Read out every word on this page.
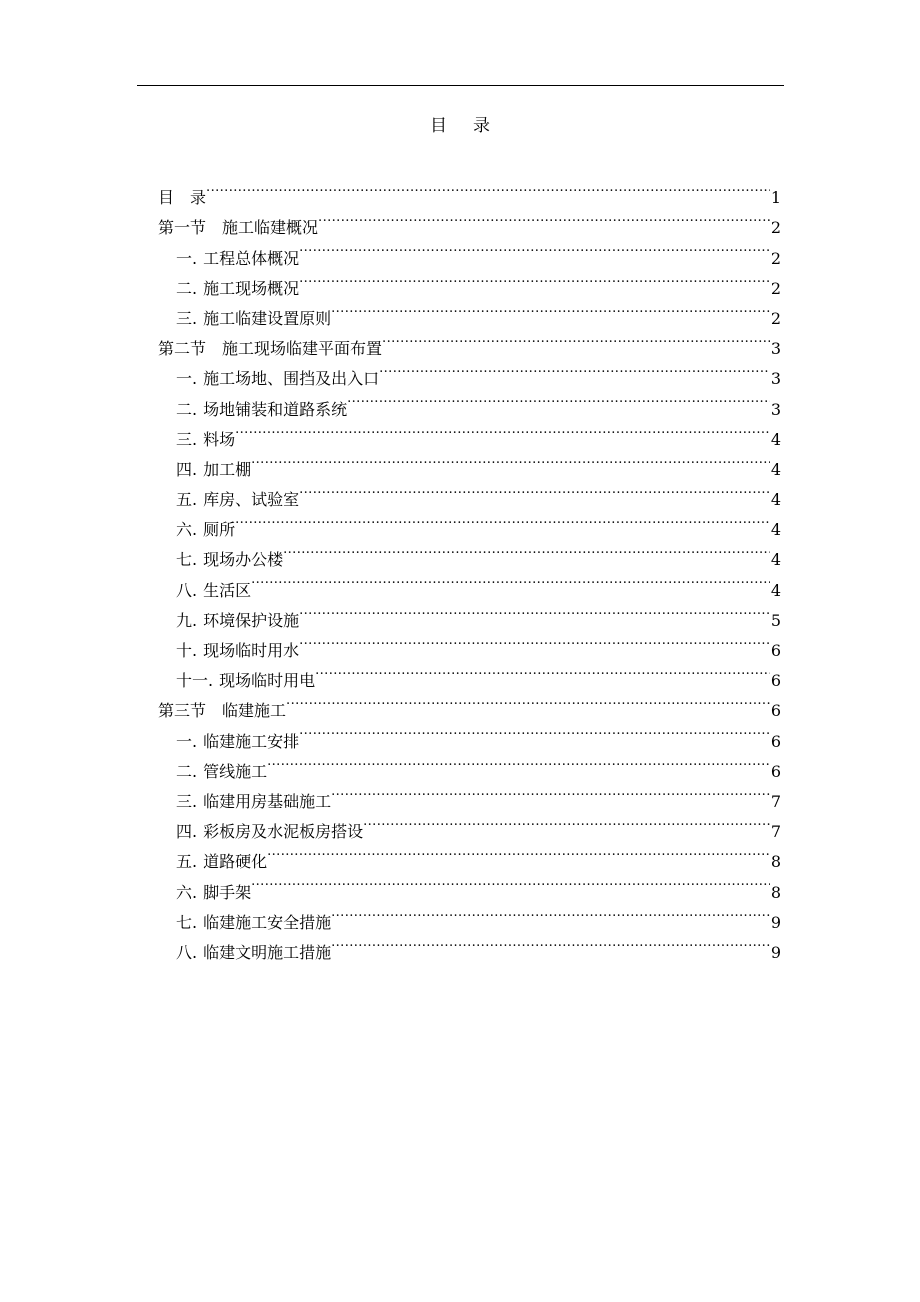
目 录
目 录 .....	1
第一节 施工临建概况 .....	2
一. 工程总体概况 .....	2
二. 施工现场概况 .....	2
三. 施工临建设置原则 .....	2
第二节 施工现场临建平面布置 .....	3
一. 施工场地、围挡及出入口 .....	3
二. 场地铺装和道路系统 .....	3
三. 料场 .....	4
四. 加工棚 .....	4
五. 库房、试验室 .....	4
六. 厕所 .....	4
七. 现场办公楼 .....	4
八. 生活区 .....	4
九. 环境保护设施 .....	5
十. 现场临时用水 .....	6
十一. 现场临时用电 .....	6
第三节 临建施工 .....	6
一. 临建施工安排 .....	6
二. 管线施工 .....	6
三. 临建用房基础施工 .....	7
四. 彩板房及水泥板房搭设 .....	7
五. 道路硬化 .....	8
六. 脚手架 .....	8
七. 临建施工安全措施 .....	9
八. 临建文明施工措施 .....	9
